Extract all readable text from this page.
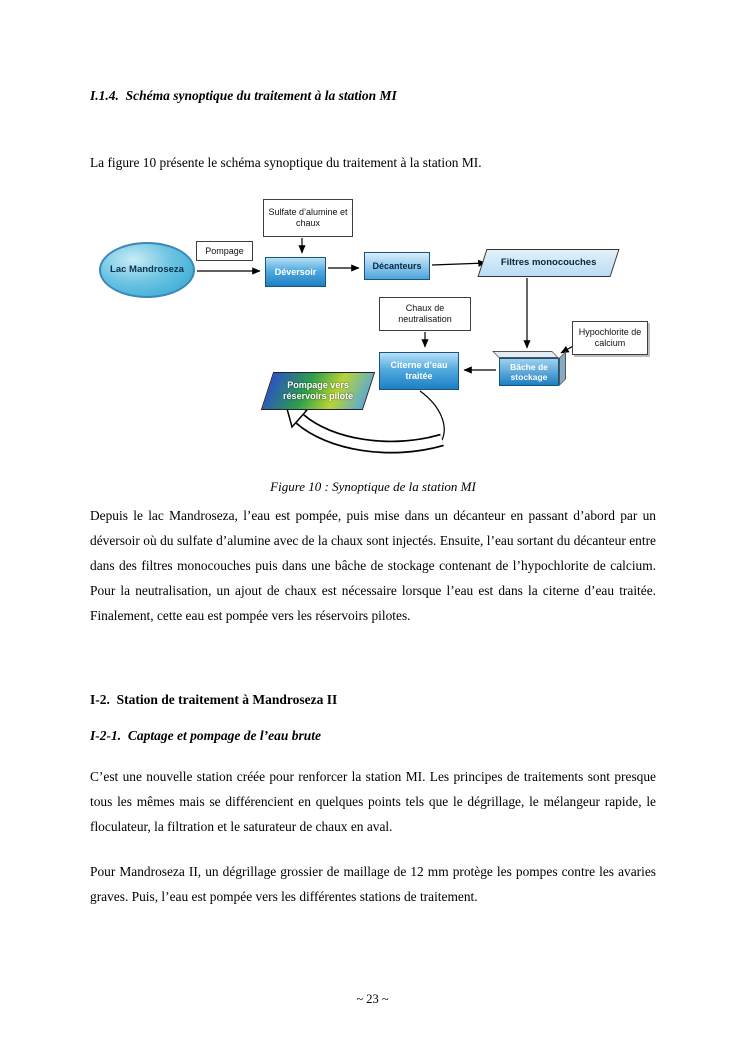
I.1.4.  Schéma synoptique du traitement à la station MI

La figure 10 présente le schéma synoptique du traitement à la station MI.

Sulfate d’alumine et chaux
Lac Mandroseza
Pompage
Déversoir
Décanteurs	Filtres monocouches
Chaux de neutralisation
Hypochlorite de calcium
Bâche de stockage
Citerne d’eau traitée
Pompage vers réservoirs pilote
Figure 10 : Synoptique de la station MI

Depuis le lac Mandroseza, l’eau est pompée, puis mise dans un décanteur en passant d’abord par un déversoir où du sulfate d’alumine avec de la chaux sont injectés. Ensuite, l’eau sortant du décanteur entre dans des filtres monocouches puis dans une bâche de stockage contenant de l’hypochlorite de calcium. Pour la neutralisation, un ajout de chaux est nécessaire lorsque l’eau est dans la citerne d’eau traitée. Finalement, cette eau est pompée vers les réservoirs pilotes.

I-2.  Station de traitement à Mandroseza II
I-2-1.  Captage et pompage de l’eau brute

C’est une nouvelle station créée pour renforcer la station MI. Les principes de traitements sont presque tous les mêmes mais se différencient en quelques points tels que le dégrillage, le mélangeur rapide, le floculateur, la filtration et le saturateur de chaux en aval.

Pour Mandroseza II, un dégrillage grossier de maillage de 12 mm protège les pompes contre les avaries graves. Puis, l’eau est pompée vers les différentes stations de traitement.

~ 23 ~
